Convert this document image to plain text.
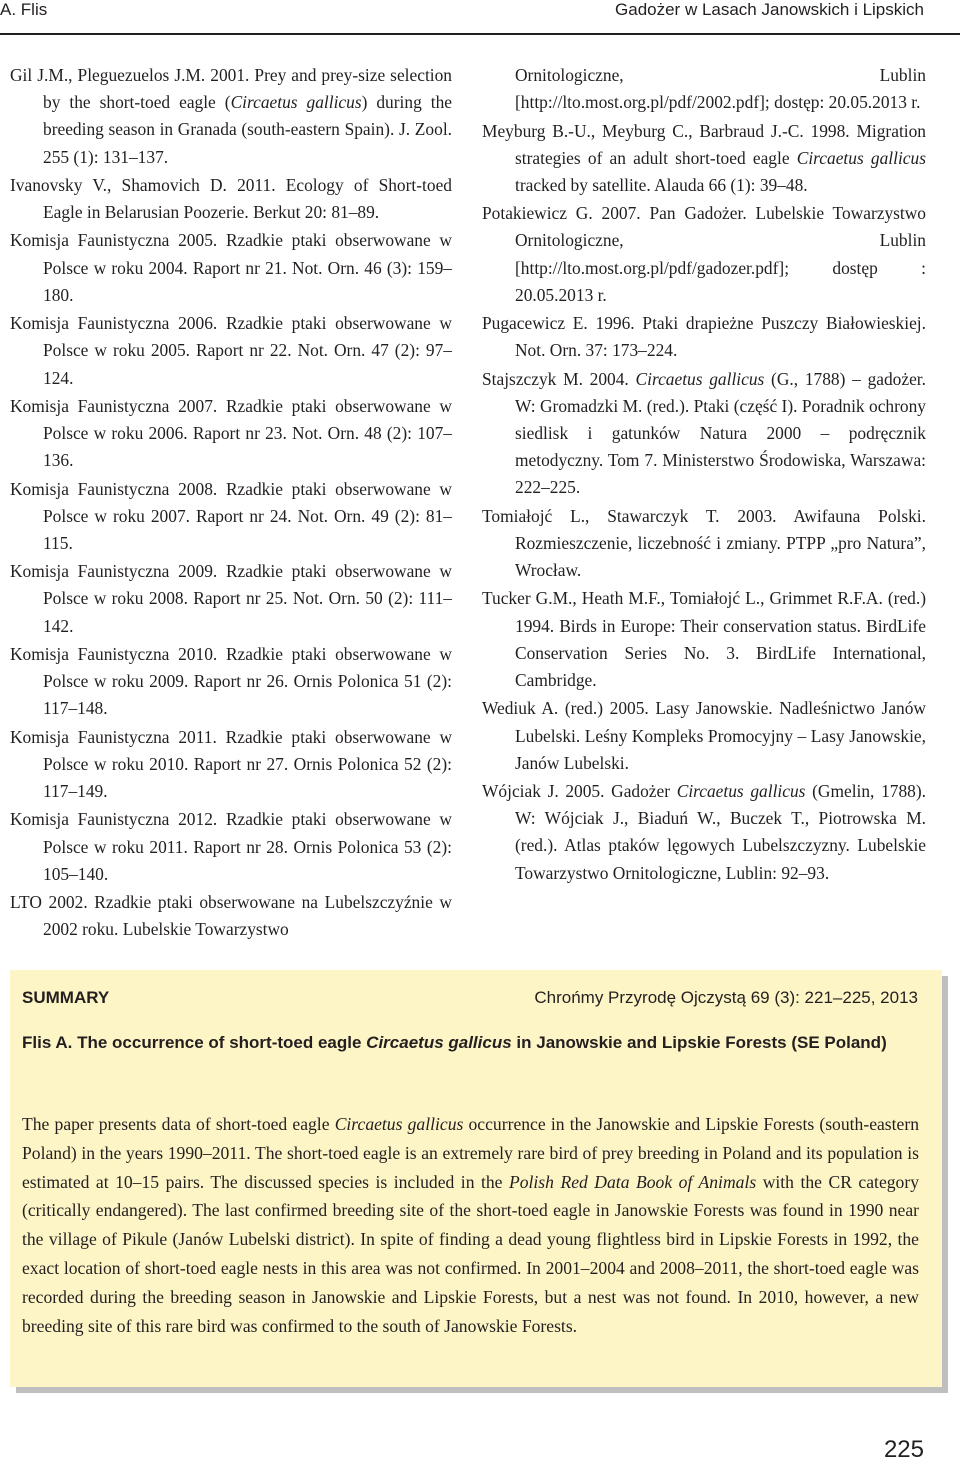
A. Flis	Gadożer w Lasach Janowskich i Lipskich

Gil J.M., Pleguezuelos J.M. 2001. Prey and prey-size selection by the short-toed eagle (Circaetus gallicus) during the breeding season in Granada (south-eastern Spain). J. Zool. 255 (1): 131–137.

Ivanovsky V., Shamovich D. 2011. Ecology of Short-toed Eagle in Belarusian Poozerie. Berkut 20: 81–89.

Komisja Faunistyczna 2005. Rzadkie ptaki obserwowane w Polsce w roku 2004. Raport nr 21. Not. Orn. 46 (3): 159–180.

Komisja Faunistyczna 2006. Rzadkie ptaki obserwowane w Polsce w roku 2005. Raport nr 22. Not. Orn. 47 (2): 97–124.

Komisja Faunistyczna 2007. Rzadkie ptaki obserwowane w Polsce w roku 2006. Raport nr 23. Not. Orn. 48 (2): 107–136.

Komisja Faunistyczna 2008. Rzadkie ptaki obserwowane w Polsce w roku 2007. Raport nr 24. Not. Orn. 49 (2): 81–115.

Komisja Faunistyczna 2009. Rzadkie ptaki obserwowane w Polsce w roku 2008. Raport nr 25. Not. Orn. 50 (2): 111–142.

Komisja Faunistyczna 2010. Rzadkie ptaki obserwowane w Polsce w roku 2009. Raport nr 26. Ornis Polonica 51 (2): 117–148.

Komisja Faunistyczna 2011. Rzadkie ptaki obserwowane w Polsce w roku 2010. Raport nr 27. Ornis Polonica 52 (2): 117–149.

Komisja Faunistyczna 2012. Rzadkie ptaki obserwowane w Polsce w roku 2011. Raport nr 28. Ornis Polonica 53 (2): 105–140.

LTO 2002. Rzadkie ptaki obserwowane na Lubelszczyźnie w 2002 roku. Lubelskie Towarzystwo

Ornitologiczne, Lublin [http://lto.most.org.pl/pdf/2002.pdf]; dostęp: 20.05.2013 r.

Meyburg B.-U., Meyburg C., Barbraud J.-C. 1998. Migration strategies of an adult short-toed eagle Circaetus gallicus tracked by satellite. Alauda 66 (1): 39–48.

Potakiewicz G. 2007. Pan Gadożer. Lubelskie Towarzystwo Ornitologiczne, Lublin [http://lto.most.org.pl/pdf/gadozer.pdf]; dostęp : 20.05.2013 r.

Pugacewicz E. 1996. Ptaki drapieżne Puszczy Białowieskiej. Not. Orn. 37: 173–224.

Stajszczyk M. 2004. Circaetus gallicus (G., 1788) – gadożer. W: Gromadzki M. (red.). Ptaki (część I). Poradnik ochrony siedlisk i gatunków Natura 2000 – podręcznik metodyczny. Tom 7. Ministerstwo Środowiska, Warszawa: 222–225.

Tomiałojć L., Stawarczyk T. 2003. Awifauna Polski. Rozmieszczenie, liczebność i zmiany. PTPP „pro Natura”, Wrocław.

Tucker G.M., Heath M.F., Tomiałojć L., Grimmet R.F.A. (red.) 1994. Birds in Europe: Their conservation status. BirdLife Conservation Series No. 3. BirdLife International, Cambridge.

Wediuk A. (red.) 2005. Lasy Janowskie. Nadleśnictwo Janów Lubelski. Leśny Kompleks Promocyjny – Lasy Janowskie, Janów Lubelski.

Wójciak J. 2005. Gadożer Circaetus gallicus (Gmelin, 1788). W: Wójciak J., Biaduń W., Buczek T., Piotrowska M. (red.). Atlas ptaków lęgowych Lubelszczyzny. Lubelskie Towarzystwo Ornitologiczne, Lublin: 92–93.

SUMMARY	Chrońmy Przyrodę Ojczystą 69 (3): 221–225, 2013
Flis A. The occurrence of short-toed eagle Circaetus gallicus in Janowskie and Lipskie Forests (SE Poland)
The paper presents data of short-toed eagle Circaetus gallicus occurrence in the Janowskie and Lipskie Forests (south-eastern Poland) in the years 1990–2011. The short-toed eagle is an extremely rare bird of prey breeding in Poland and its population is estimated at 10–15 pairs. The discussed species is included in the Polish Red Data Book of Animals with the CR category (critically endangered). The last confirmed breeding site of the short-toed eagle in Janowskie Forests was found in 1990 near the village of Pikule (Janów Lubelski district). In spite of finding a dead young flightless bird in Lipskie Forests in 1992, the exact location of short-toed eagle nests in this area was not confirmed. In 2001–2004 and 2008–2011, the short-toed eagle was recorded during the breeding season in Janowskie and Lipskie Forests, but a nest was not found. In 2010, however, a new breeding site of this rare bird was confirmed to the south of Janowskie Forests.
225
